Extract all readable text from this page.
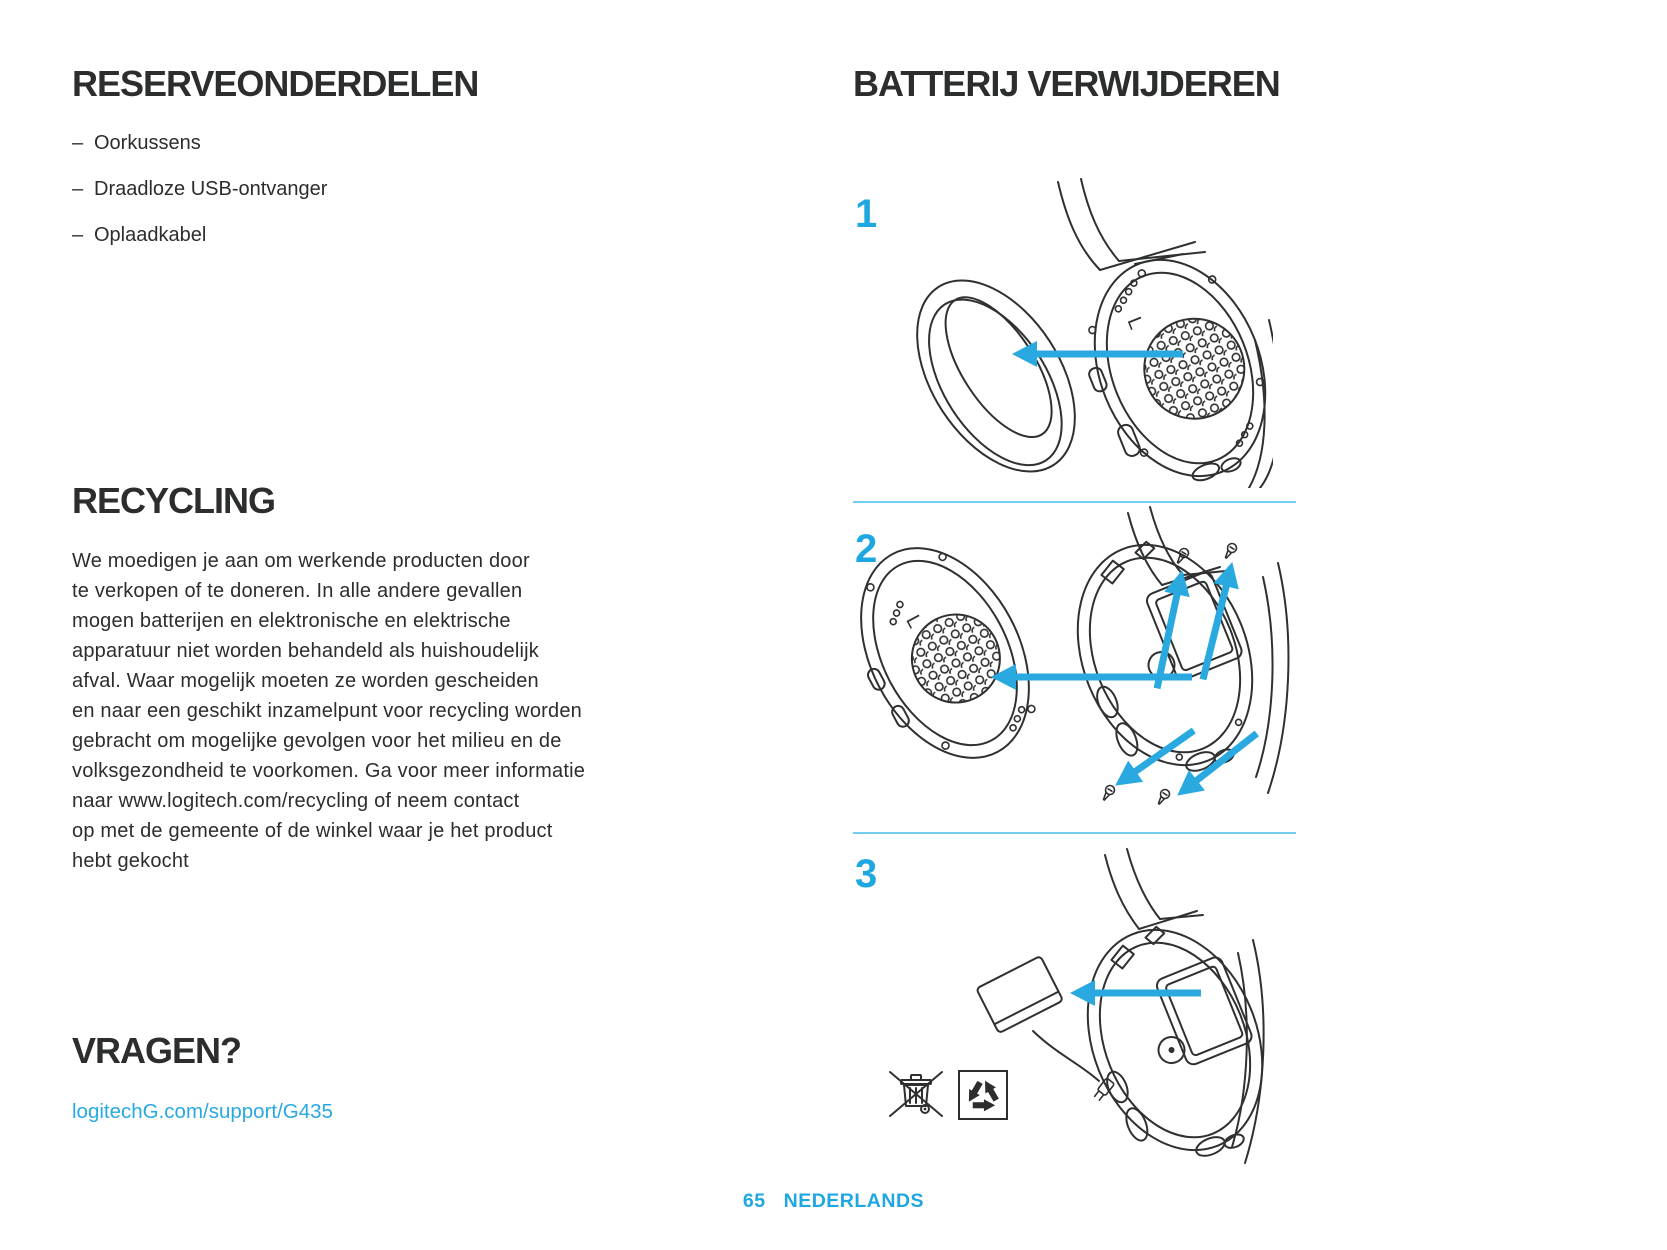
RESERVEONDERDELEN
– Oorkussens
– Draadloze USB-ontvanger
– Oplaadkabel
RECYCLING
We moedigen je aan om werkende producten door
te verkopen of te doneren. In alle andere gevallen
mogen batterijen en elektronische en elektrische
apparatuur niet worden behandeld als huishoudelijk
afval. Waar mogelijk moeten ze worden gescheiden
en naar een geschikt inzamelpunt voor recycling worden
gebracht om mogelijke gevolgen voor het milieu en de
volksgezondheid te voorkomen. Ga voor meer informatie
naar www.logitech.com/recycling of neem contact
op met de gemeente of de winkel waar je het product
hebt gekocht
VRAGEN?
logitechG.com/support/G435
BATTERIJ VERWIJDEREN
1
2
3
L
L
65 NEDERLANDS
